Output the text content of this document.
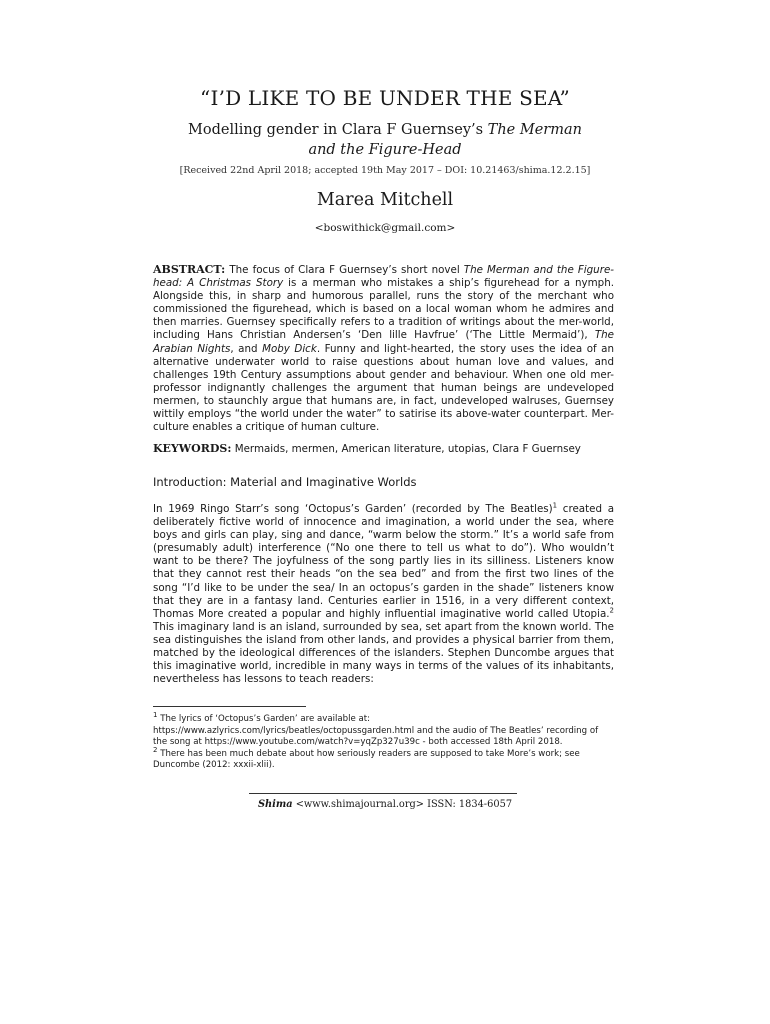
“I’D LIKE TO BE UNDER THE SEA”
Modelling gender in Clara F Guernsey’s The Merman and the Figure-Head
[Received 22nd April 2018; accepted 19th May 2017 – DOI: 10.21463/shima.12.2.15]
Marea Mitchell
<boswithick@gmail.com>
ABSTRACT: The focus of Clara F Guernsey’s short novel The Merman and the Figure-head: A Christmas Story is a merman who mistakes a ship’s figurehead for a nymph. Alongside this, in sharp and humorous parallel, runs the story of the merchant who commissioned the figurehead, which is based on a local woman whom he admires and then marries. Guernsey specifically refers to a tradition of writings about the mer-world, including Hans Christian Andersen’s ‘Den lille Havfrue’ (‘The Little Mermaid’), The Arabian Nights, and Moby Dick. Funny and light-hearted, the story uses the idea of an alternative underwater world to raise questions about human love and values, and challenges 19th Century assumptions about gender and behaviour. When one old mer-professor indignantly challenges the argument that human beings are undeveloped mermen, to staunchly argue that humans are, in fact, undeveloped walruses, Guernsey wittily employs “the world under the water” to satirise its above-water counterpart. Mer-culture enables a critique of human culture.
KEYWORDS: Mermaids, mermen, American literature, utopias, Clara F Guernsey
Introduction: Material and Imaginative Worlds
In 1969 Ringo Starr’s song ‘Octopus’s Garden’ (recorded by The Beatles)$^1$ created a deliberately fictive world of innocence and imagination, a world under the sea, where boys and girls can play, sing and dance, “warm below the storm.” It’s a world safe from (presumably adult) interference (“No one there to tell us what to do”). Who wouldn’t want to be there? The joyfulness of the song partly lies in its silliness. Listeners know that they cannot rest their heads “on the sea bed” and from the first two lines of the song “I’d like to be under the sea/ In an octopus’s garden in the shade” listeners know that they are in a fantasy land. Centuries earlier in 1516, in a very different context, Thomas More created a popular and highly influential imaginative world called Utopia.$^2$ This imaginary land is an island, surrounded by sea, set apart from the known world. The sea distinguishes the island from other lands, and provides a physical barrier from them, matched by the ideological differences of the islanders. Stephen Duncombe argues that this imaginative world, incredible in many ways in terms of the values of its inhabitants, nevertheless has lessons to teach readers:
$^1$ The lyrics of ‘Octopus’s Garden’ are available at: https://www.azlyrics.com/lyrics/beatles/octopussgarden.html and the audio of The Beatles’ recording of the song at https://www.youtube.com/watch?v=yqZp327u39c - both accessed 18th April 2018.
$^2$ There has been much debate about how seriously readers are supposed to take More’s work; see Duncombe (2012: xxxii-xlii).
Shima <www.shimajournal.org> ISSN: 1834-6057
